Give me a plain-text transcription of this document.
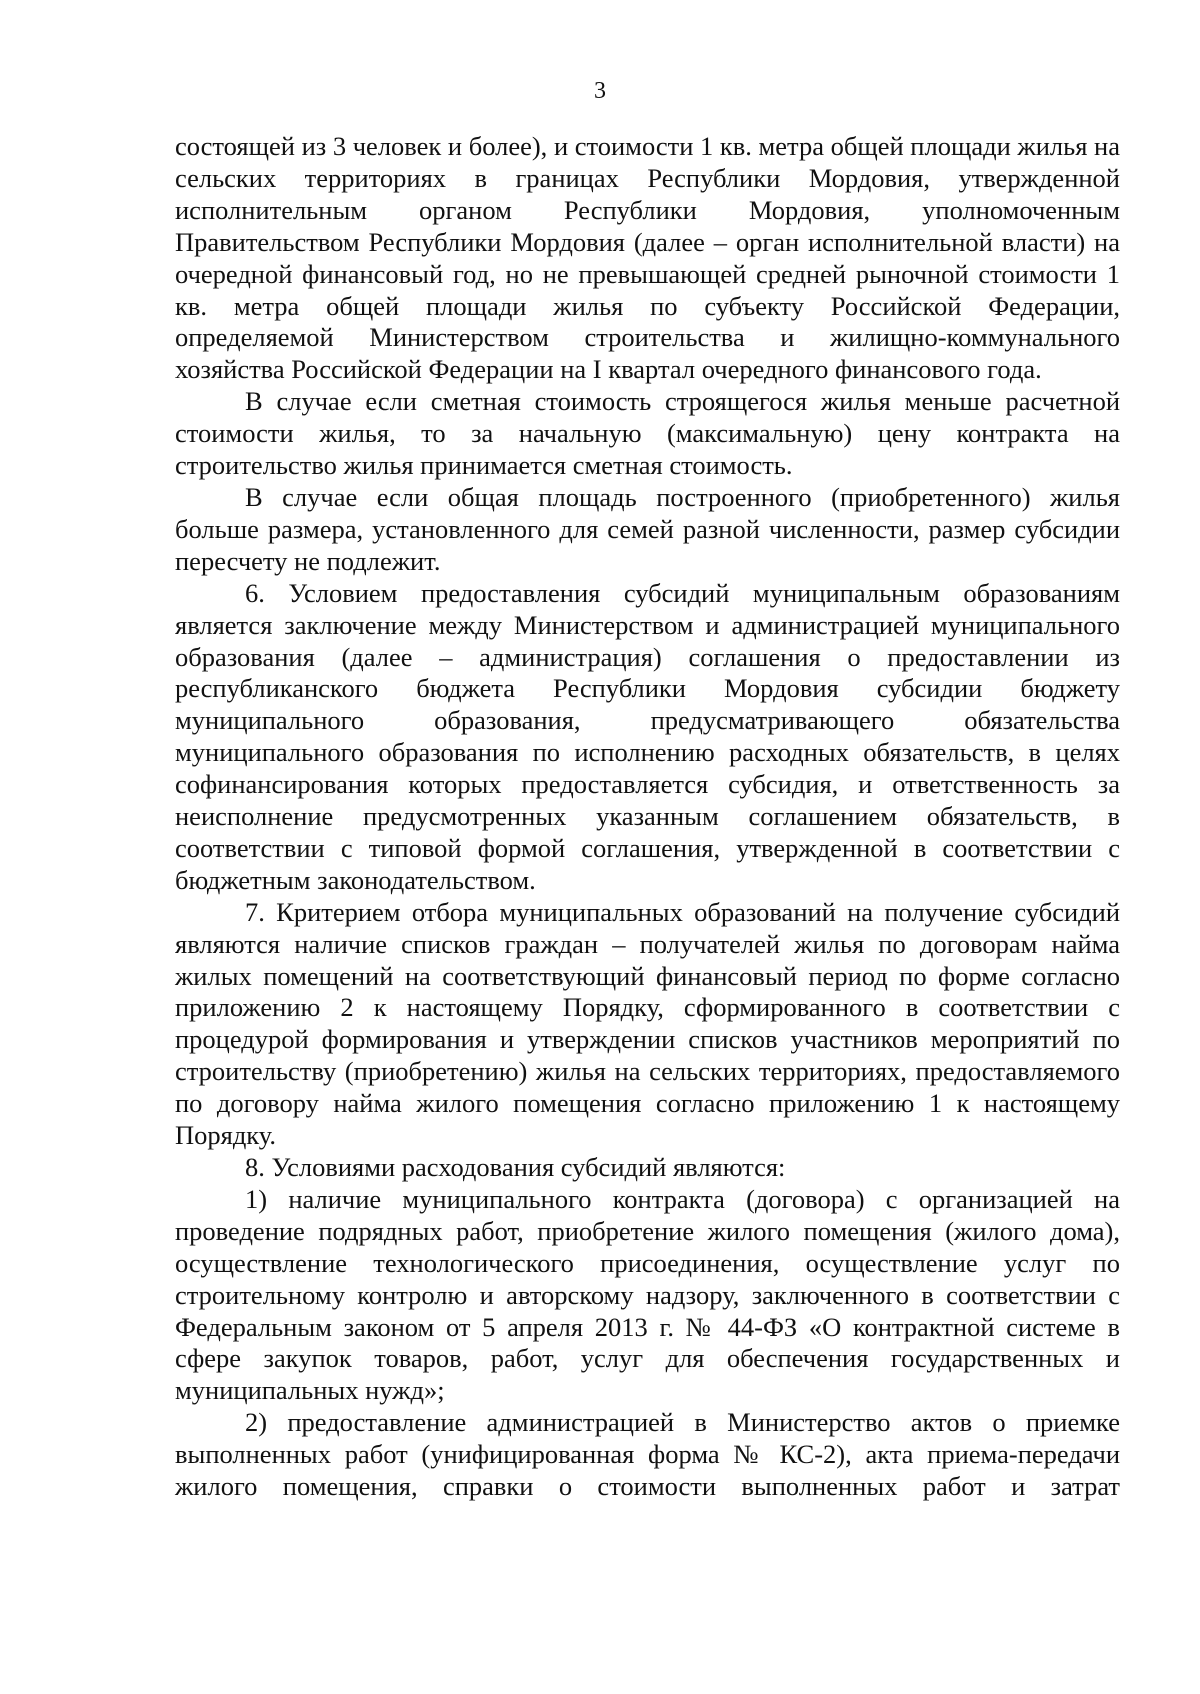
3

состоящей из 3 человек и более), и стоимости 1 кв. метра общей площади жилья на сельских территориях в границах Республики Мордовия, утвержденной исполнительным органом Республики Мордовия, уполномоченным Правительством Республики Мордовия (далее – орган исполнительной власти) на очередной финансовый год, но не превышающей средней рыночной стоимости 1 кв. метра общей площади жилья по субъекту Российской Федерации, определяемой Министерством строительства и жилищно-коммунального хозяйства Российской Федерации на I квартал очередного финансового года.

В случае если сметная стоимость строящегося жилья меньше расчетной стоимости жилья, то за начальную (максимальную) цену контракта на строительство жилья принимается сметная стоимость.

В случае если общая площадь построенного (приобретенного) жилья больше размера, установленного для семей разной численности, размер субсидии пересчету не подлежит.

6. Условием предоставления субсидий муниципальным образованиям является заключение между Министерством и администрацией муниципального образования (далее – администрация) соглашения о предоставлении из республиканского бюджета Республики Мордовия субсидии бюджету муниципального образования, предусматривающего обязательства муниципального образования по исполнению расходных обязательств, в целях софинансирования которых предоставляется субсидия, и ответственность за неисполнение предусмотренных указанным соглашением обязательств, в соответствии с типовой формой соглашения, утвержденной в соответствии с бюджетным законодательством.

7. Критерием отбора муниципальных образований на получение субсидий являются наличие списков граждан – получателей жилья по договорам найма жилых помещений на соответствующий финансовый период по форме согласно приложению 2 к настоящему Порядку, сформированного в соответствии с процедурой формирования и утверждении списков участников мероприятий по строительству (приобретению) жилья на сельских территориях, предоставляемого по договору найма жилого помещения согласно приложению 1 к настоящему Порядку.

8. Условиями расходования субсидий являются:

1) наличие муниципального контракта (договора) с организацией на проведение подрядных работ, приобретение жилого помещения (жилого дома), осуществление технологического присоединения, осуществление услуг по строительному контролю и авторскому надзору, заключенного в соответствии с Федеральным законом от 5 апреля 2013 г. № 44-ФЗ «О контрактной системе в сфере закупок товаров, работ, услуг для обеспечения государственных и муниципальных нужд»;

2) предоставление администрацией в Министерство актов о приемке выполненных работ (унифицированная форма № КС-2), акта приема-передачи жилого помещения, справки о стоимости выполненных работ и затрат
